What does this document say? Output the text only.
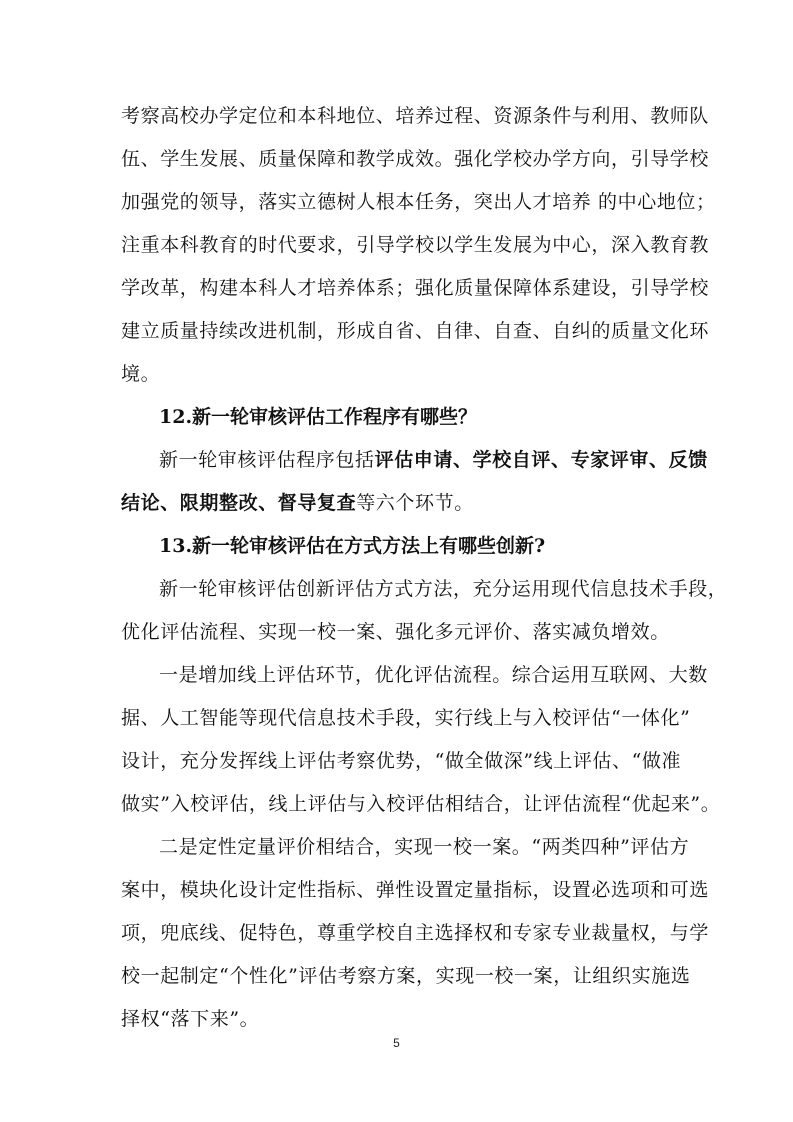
考察高校办学定位和本科地位、培养过程、资源条件与利用、教师队
伍、学生发展、质量保障和教学成效。强化学校办学方向，引导学校
加强党的领导，落实立德树人根本任务，突出人才培养 的中心地位；
注重本科教育的时代要求，引导学校以学生发展为中心，深入教育教
学改革，构建本科人才培养体系；强化质量保障体系建设，引导学校
建立质量持续改进机制，形成自省、自律、自查、自纠的质量文化环
境。
12.新一轮审核评估工作程序有哪些？
新一轮审核评估程序包括评估申请、学校自评、专家评审、反馈
结论、限期整改、督导复查等六个环节。
13.新一轮审核评估在方式方法上有哪些创新?
新一轮审核评估创新评估方式方法，充分运用现代信息技术手段，
优化评估流程、实现一校一案、强化多元评价、落实减负增效。
一是增加线上评估环节，优化评估流程。综合运用互联网、大数
据、人工智能等现代信息技术手段，实行线上与入校评估“一体化”
设计，充分发挥线上评估考察优势，“做全做深”线上评估、“做准
做实”入校评估，线上评估与入校评估相结合，让评估流程“优起来”。
二是定性定量评价相结合，实现一校一案。“两类四种”评估方
案中，模块化设计定性指标、弹性设置定量指标，设置必选项和可选
项，兜底线、促特色，尊重学校自主选择权和专家专业裁量权，与学
校一起制定“个性化”评估考察方案，实现一校一案，让组织实施选
择权“落下来”。
5
